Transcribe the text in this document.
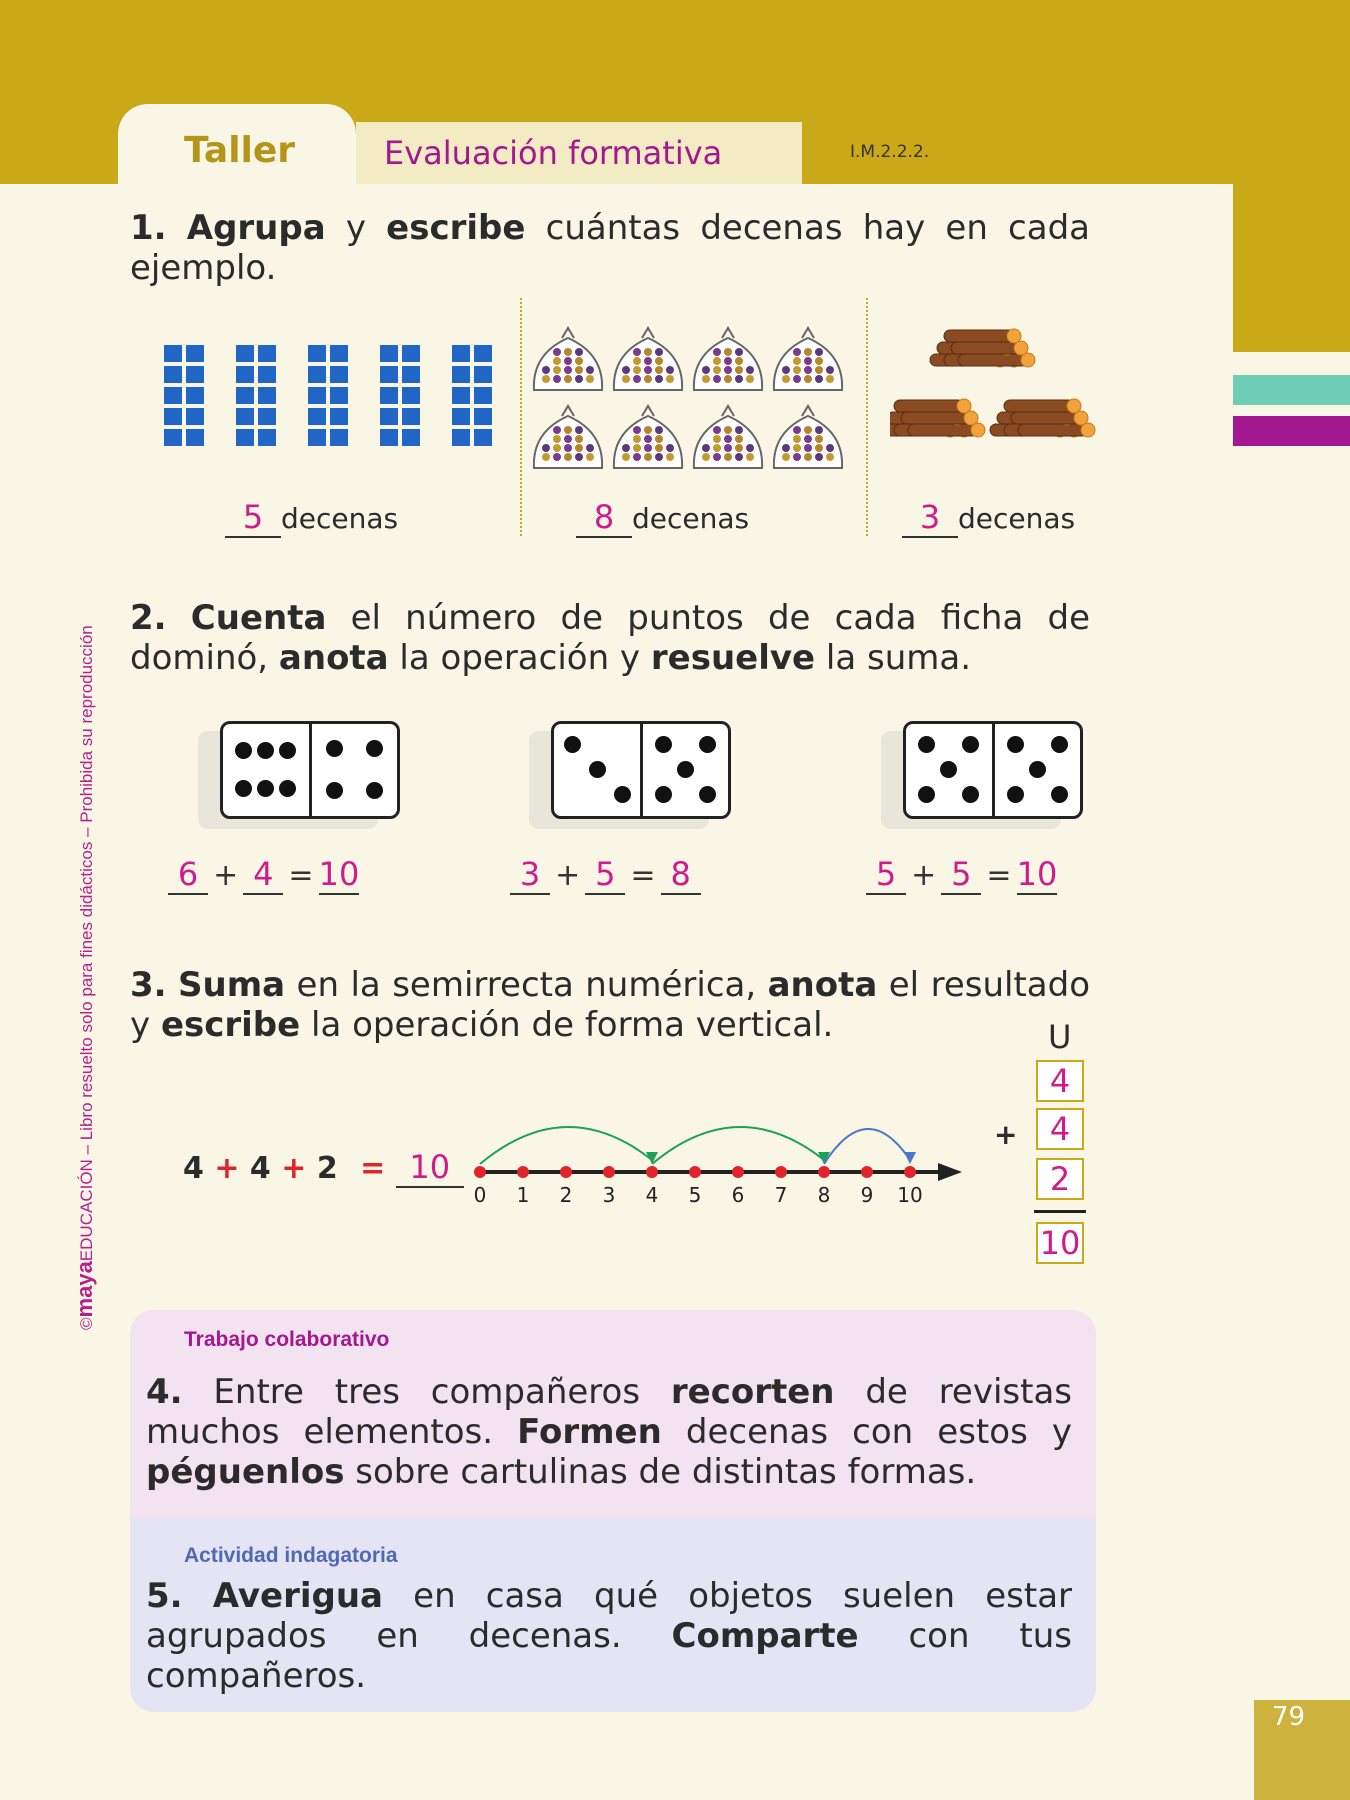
Taller	Evaluación formativa	I.M.2.2.2.
©mayaEDUCACIÓN – Libro resuelto solo para fines didácticos – Prohibida su reproducción
1. Agrupa y escribe cuántas decenas hay en cada ejemplo.
5 decenas	8 decenas	3 decenas
2. Cuenta el número de puntos de cada ficha de dominó, anota la operación y resuelve la suma.
6 + 4 = 10	3 + 5 = 8	5 + 5 = 10
3. Suma en la semirrecta numérica, anota el resultado y escribe la operación de forma vertical.
4 + 4 + 2 = 10
0 1 2 3 4 5 6 7 8 9 10
U
4
+	4
2
10
Trabajo colaborativo
4. Entre tres compañeros recorten de revistas muchos elementos. Formen decenas con estos y péguenlos sobre cartulinas de distintas formas.
Actividad indagatoria
5. Averigua en casa qué objetos suelen estar agrupados en decenas. Comparte con tus compañeros.
79
